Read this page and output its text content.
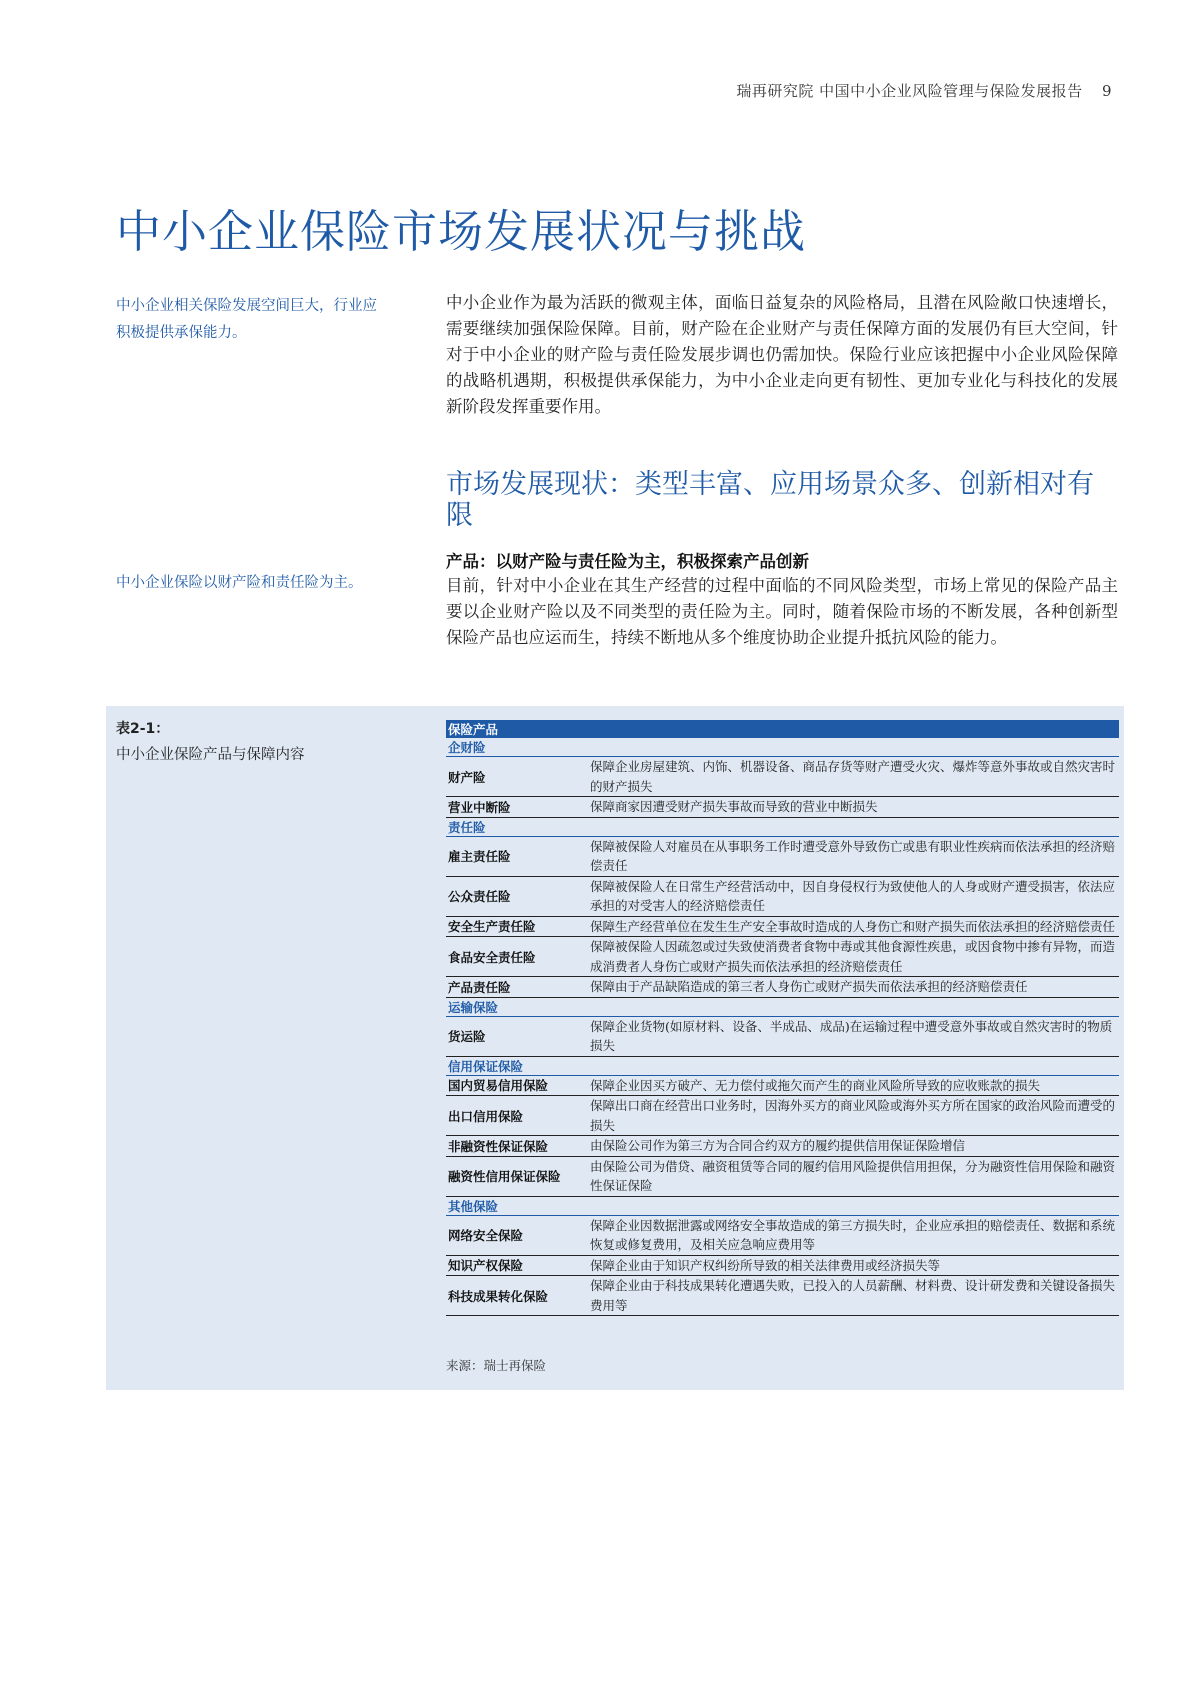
瑞再研究院 中国中小企业风险管理与保险发展报告 9
中小企业保险市场发展状况与挑战
中小企业相关保险发展空间巨大，行业应积极提供承保能力。

中小企业作为最为活跃的微观主体，面临日益复杂的风险格局，且潜在风险敞口快速增长，需要继续加强保险保障。目前，财产险在企业财产与责任保障方面的发展仍有巨大空间，针对于中小企业的财产险与责任险发展步调也仍需加快。保险行业应该把握中小企业风险保障的战略机遇期，积极提供承保能力，为中小企业走向更有韧性、更加专业化与科技化的发展新阶段发挥重要作用。

市场发展现状：类型丰富、应用场景众多、创新相对有限
产品：以财产险与责任险为主，积极探索产品创新
中小企业保险以财产险和责任险为主。	目前，针对中小企业在其生产经营的过程中面临的不同风险类型，市场上常见的保险产品主要以企业财产险以及不同类型的责任险为主。同时，随着保险市场的不断发展，各种创新型保险产品也应运而生，持续不断地从多个维度协助企业提升抵抗风险的能力。

表2-1：
中小企业保险产品与保障内容
保险产品	
企财险	
财产险	保障企业房屋建筑、内饰、机器设备、商品存货等财产遭受火灾、爆炸等意外事故或自然灾害时的财产损失
营业中断险	保障商家因遭受财产损失事故而导致的营业中断损失
责任险	
雇主责任险	保障被保险人对雇员在从事职务工作时遭受意外导致伤亡或患有职业性疾病而依法承担的经济赔偿责任
公众责任险	保障被保险人在日常生产经营活动中，因自身侵权行为致使他人的人身或财产遭受损害，依法应承担的对受害人的经济赔偿责任
安全生产责任险	保障生产经营单位在发生生产安全事故时造成的人身伤亡和财产损失而依法承担的经济赔偿责任
食品安全责任险	保障被保险人因疏忽或过失致使消费者食物中毒或其他食源性疾患，或因食物中掺有异物，而造成消费者人身伤亡或财产损失而依法承担的经济赔偿责任
产品责任险	保障由于产品缺陷造成的第三者人身伤亡或财产损失而依法承担的经济赔偿责任
运输保险	
货运险	保障企业货物(如原材料、设备、半成品、成品)在运输过程中遭受意外事故或自然灾害时的物质损失
信用保证保险	
国内贸易信用保险	保障企业因买方破产、无力偿付或拖欠而产生的商业风险所导致的应收账款的损失
出口信用保险	保障出口商在经营出口业务时，因海外买方的商业风险或海外买方所在国家的政治风险而遭受的损失
非融资性保证保险	由保险公司作为第三方为合同合约双方的履约提供信用保证保险增信
融资性信用保证保险	由保险公司为借贷、融资租赁等合同的履约信用风险提供信用担保，分为融资性信用保险和融资性保证保险
其他保险	
网络安全保险	保障企业因数据泄露或网络安全事故造成的第三方损失时，企业应承担的赔偿责任、数据和系统恢复或修复费用，及相关应急响应费用等
知识产权保险	保障企业由于知识产权纠纷所导致的相关法律费用或经济损失等
科技成果转化保险	保障企业由于科技成果转化遭遇失败，已投入的人员薪酬、材料费、设计研发费和关键设备损失费用等
来源：瑞士再保险
